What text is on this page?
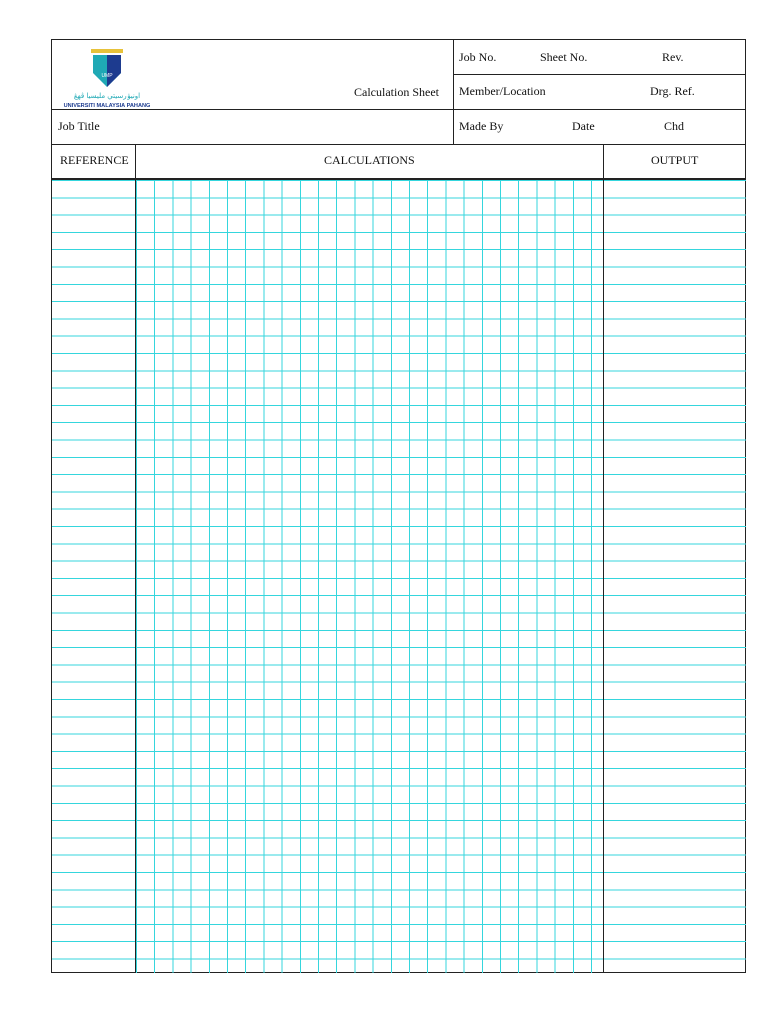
UMP
اونيۏرسيتي مليسيا ڤهڠ
UNIVERSITI MALAYSIA PAHANG
Calculation Sheet
Job No.	Sheet No.	Rev.
Member/Location	Drg. Ref.
Job Title	Made By	Date	Chd
REFERENCE	CALCULATIONS	OUTPUT
